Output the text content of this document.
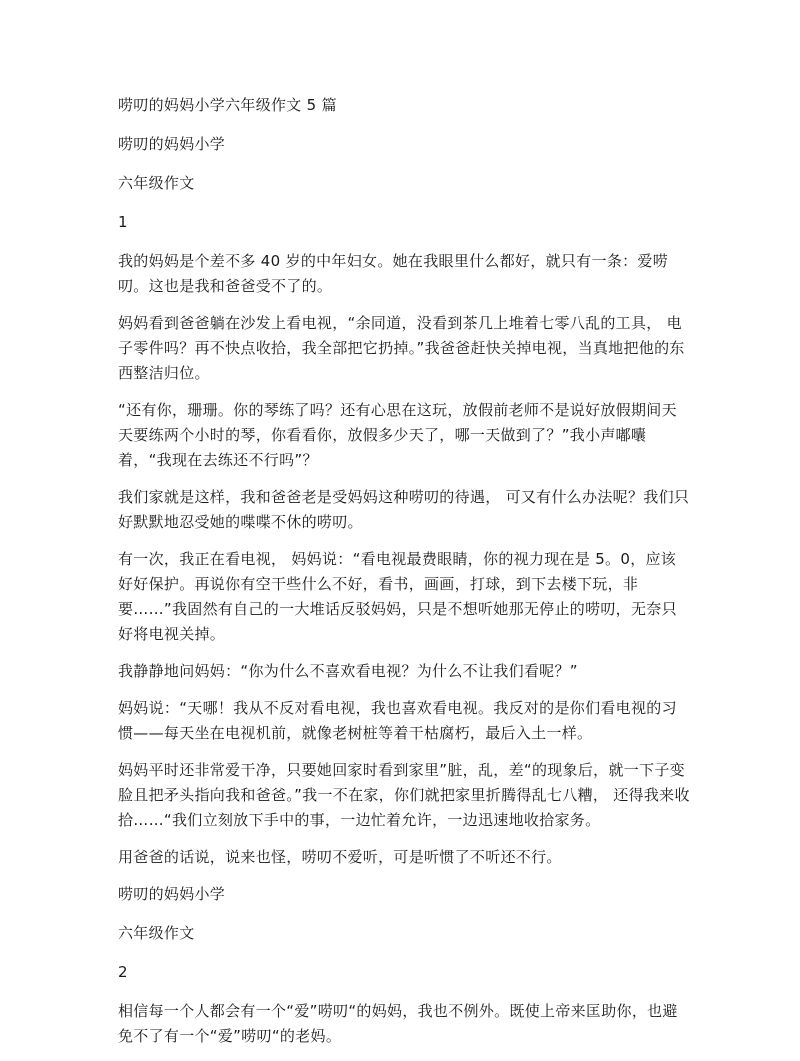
唠叨的妈妈小学六年级作文 5 篇

唠叨的妈妈小学

六年级作文

1

我的妈妈是个差不多 40 岁的中年妇女。她在我眼里什么都好，就只有一条：爱唠叨。这也是我和爸爸受不了的。

妈妈看到爸爸躺在沙发上看电视，“余同道，没看到茶几上堆着七零八乱的工具， 电子零件吗？再不快点收拾，我全部把它扔掉。”我爸爸赶快关掉电视，当真地把他的东西整洁归位。

“还有你，珊珊。你的琴练了吗？还有心思在这玩，放假前老师不是说好放假期间天天要练两个小时的琴，你看看你，放假多少天了，哪一天做到了？”我小声嘟囔着，“我现在去练还不行吗”？

我们家就是这样，我和爸爸老是受妈妈这种唠叨的待遇， 可又有什么办法呢？我们只好默默地忍受她的喋喋不休的唠叨。

有一次，我正在看电视， 妈妈说：“看电视最费眼睛，你的视力现在是 5。0，应该好好保护。再说你有空干些什么不好，看书，画画，打球，到下去楼下玩，非要……”我固然有自己的一大堆话反驳妈妈，只是不想听她那无停止的唠叨，无奈只好将电视关掉。

我静静地问妈妈：“你为什么不喜欢看电视？为什么不让我们看呢？”

妈妈说：“天哪！我从不反对看电视，我也喜欢看电视。我反对的是你们看电视的习惯——每天坐在电视机前，就像老树桩等着干枯腐朽，最后入土一样。

妈妈平时还非常爱干净，只要她回家时看到家里”脏，乱，差“的现象后，就一下子变脸且把矛头指向我和爸爸。”我一不在家，你们就把家里折腾得乱七八糟， 还得我来收拾……“我们立刻放下手中的事，一边忙着允许，一边迅速地收拾家务。

用爸爸的话说，说来也怪，唠叨不爱听，可是听惯了不听还不行。

唠叨的妈妈小学

六年级作文

2

相信每一个人都会有一个“爱”唠叨“的妈妈，我也不例外。既使上帝来匡助你，也避免不了有一个“爱”唠叨“的老妈。
